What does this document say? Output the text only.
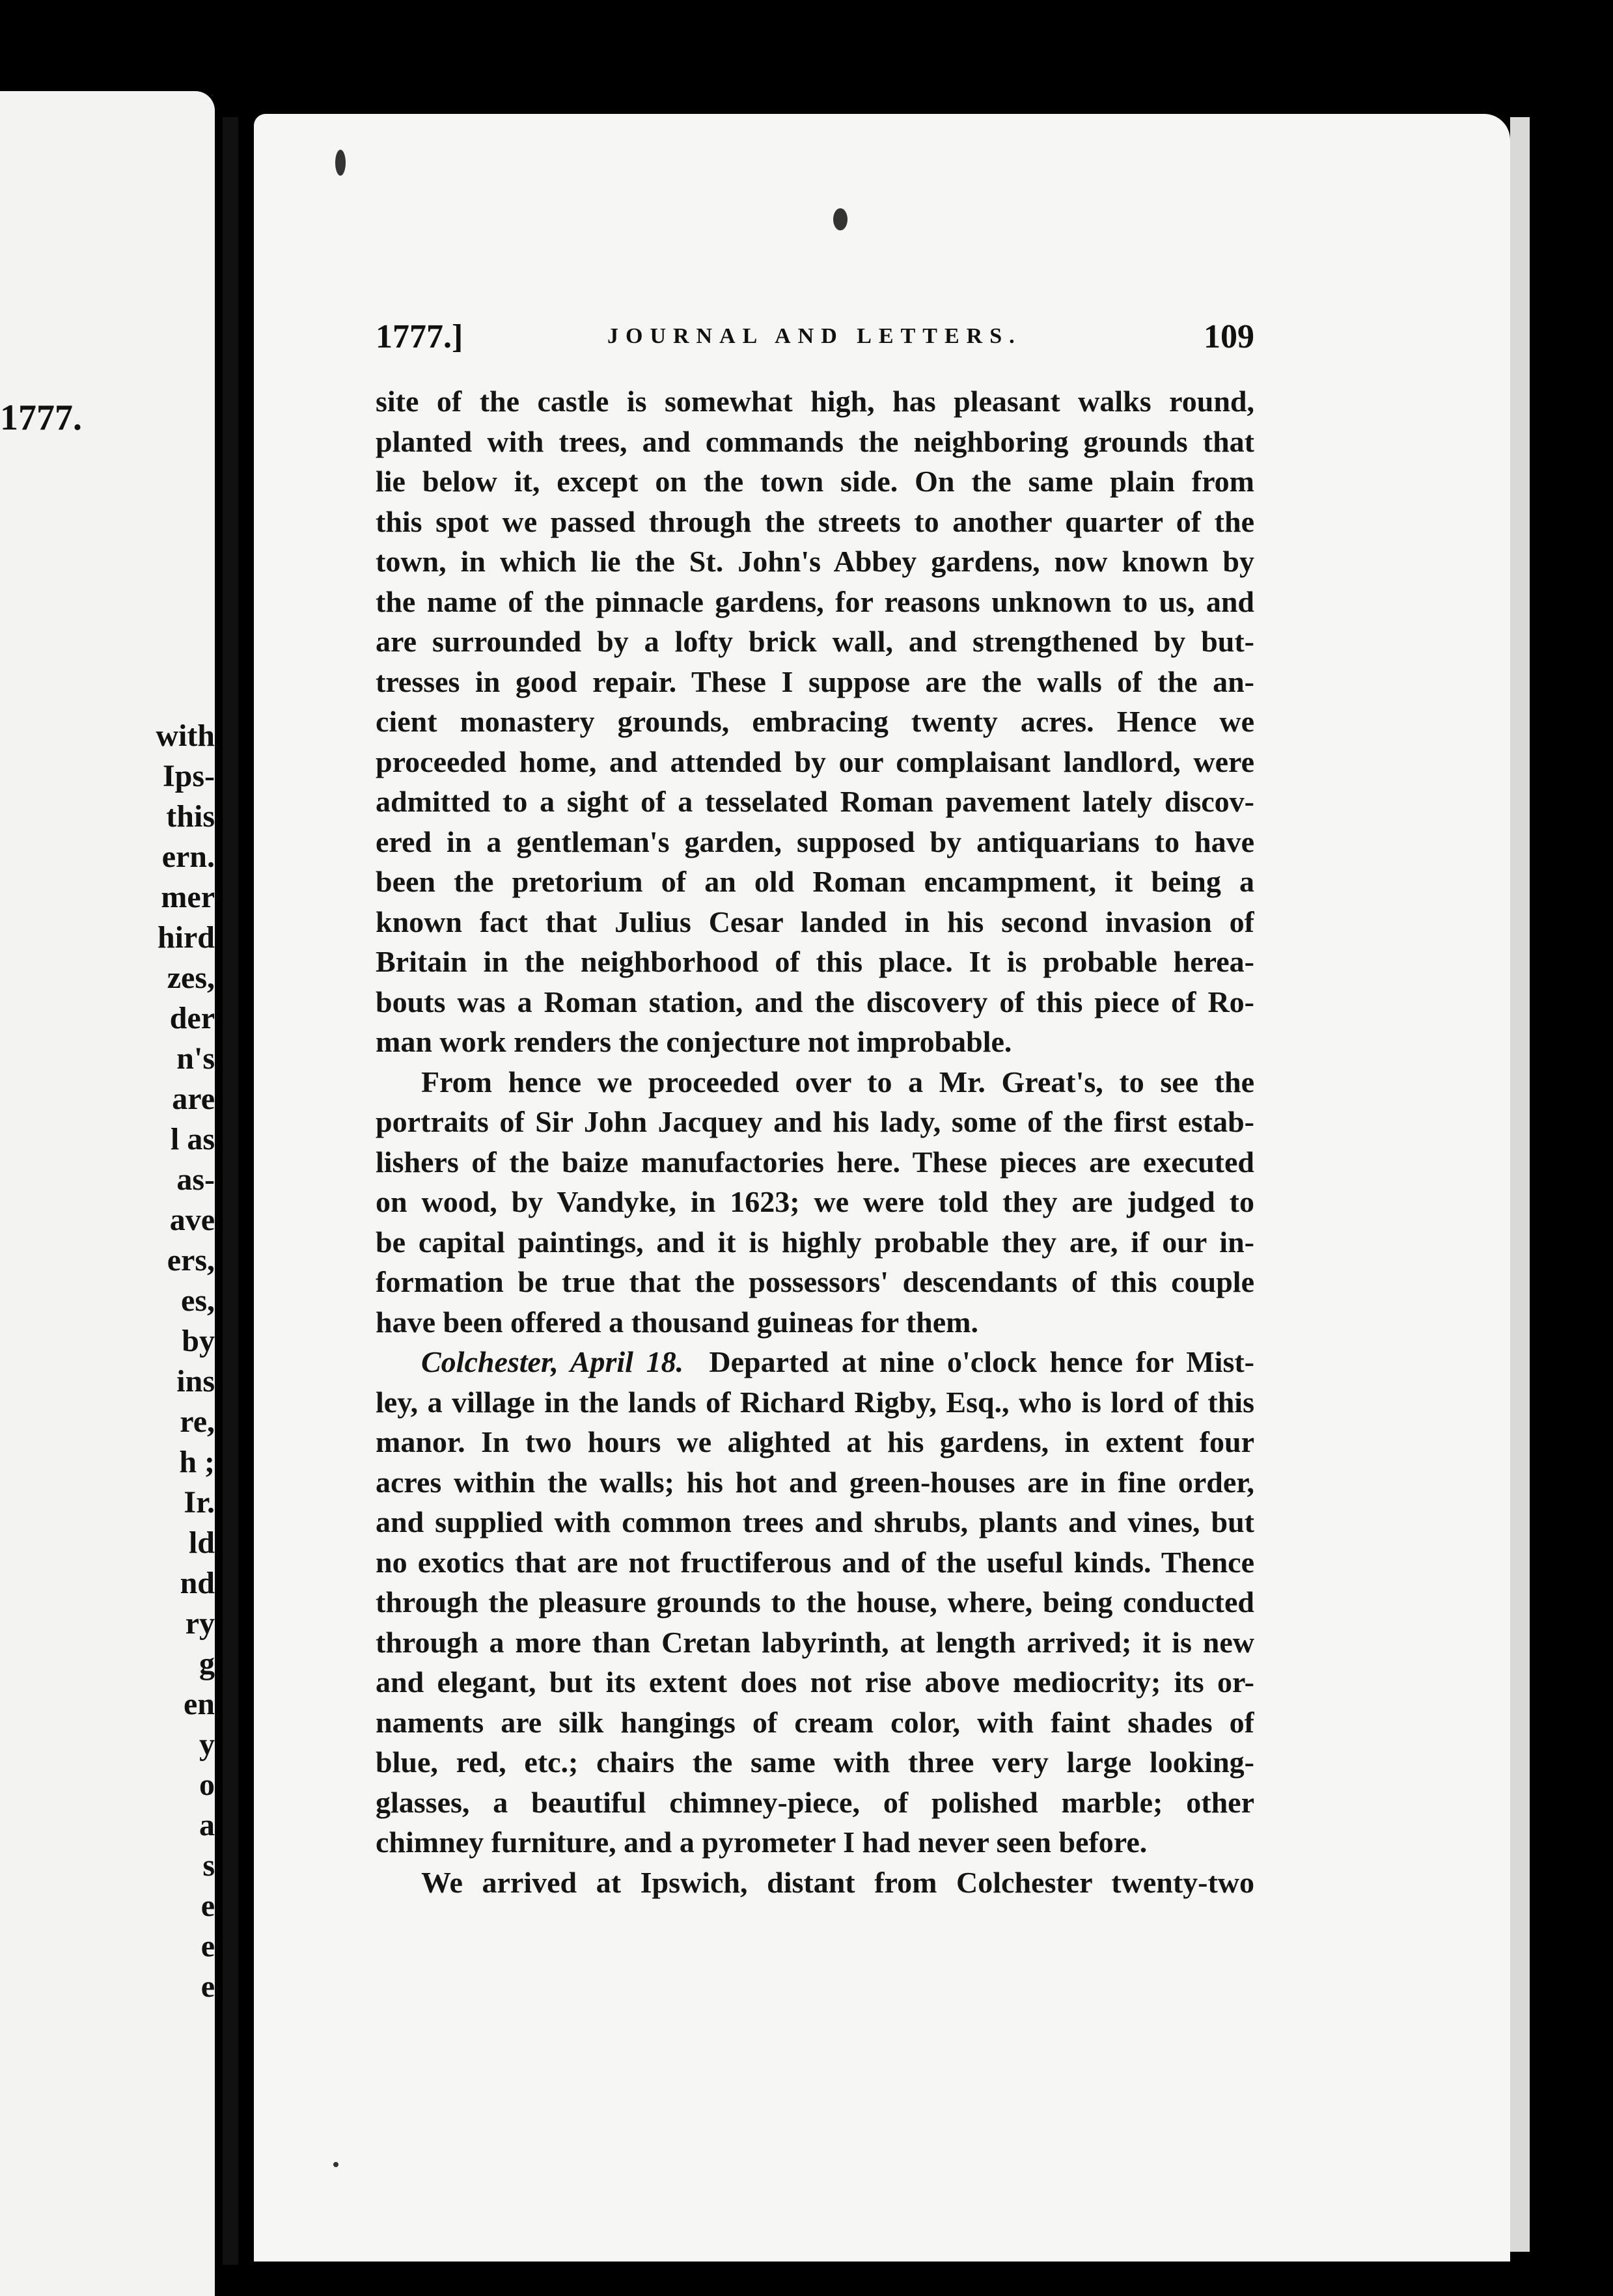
1777.
with
Ips-
this
ern.
mer
hird
zes,
der
n's
are
l as
as-
ave
ers,
es,
by
ins
re,
h ;
Ir.
ld
nd
ry
g
en
y
o
a
s
e
e
e
1777.]	JOURNAL AND LETTERS.	109
site of the castle is somewhat high, has pleasant walks round,
planted with trees, and commands the neighboring grounds that
lie below it, except on the town side. On the same plain from
this spot we passed through the streets to another quarter of the
town, in which lie the St. John's Abbey gardens, now known by
the name of the pinnacle gardens, for reasons unknown to us, and
are surrounded by a lofty brick wall, and strengthened by but-
tresses in good repair. These I suppose are the walls of the an-
cient monastery grounds, embracing twenty acres. Hence we
proceeded home, and attended by our complaisant landlord, were
admitted to a sight of a tesselated Roman pavement lately discov-
ered in a gentleman's garden, supposed by antiquarians to have
been the pretorium of an old Roman encampment, it being a
known fact that Julius Cesar landed in his second invasion of
Britain in the neighborhood of this place. It is probable herea-
bouts was a Roman station, and the discovery of this piece of Ro-
man work renders the conjecture not improbable.
From hence we proceeded over to a Mr. Great's, to see the
portraits of Sir John Jacquey and his lady, some of the first estab-
lishers of the baize manufactories here. These pieces are executed
on wood, by Vandyke, in 1623; we were told they are judged to
be capital paintings, and it is highly probable they are, if our in-
formation be true that the possessors' descendants of this couple
have been offered a thousand guineas for them.
Colchester, April 18. Departed at nine o'clock hence for Mist-
ley, a village in the lands of Richard Rigby, Esq., who is lord of this
manor. In two hours we alighted at his gardens, in extent four
acres within the walls; his hot and green-houses are in fine order,
and supplied with common trees and shrubs, plants and vines, but
no exotics that are not fructiferous and of the useful kinds. Thence
through the pleasure grounds to the house, where, being conducted
through a more than Cretan labyrinth, at length arrived; it is new
and elegant, but its extent does not rise above mediocrity; its or-
naments are silk hangings of cream color, with faint shades of
blue, red, etc.; chairs the same with three very large looking-
glasses, a beautiful chimney-piece, of polished marble; other
chimney furniture, and a pyrometer I had never seen before.
We arrived at Ipswich, distant from Colchester twenty-two
